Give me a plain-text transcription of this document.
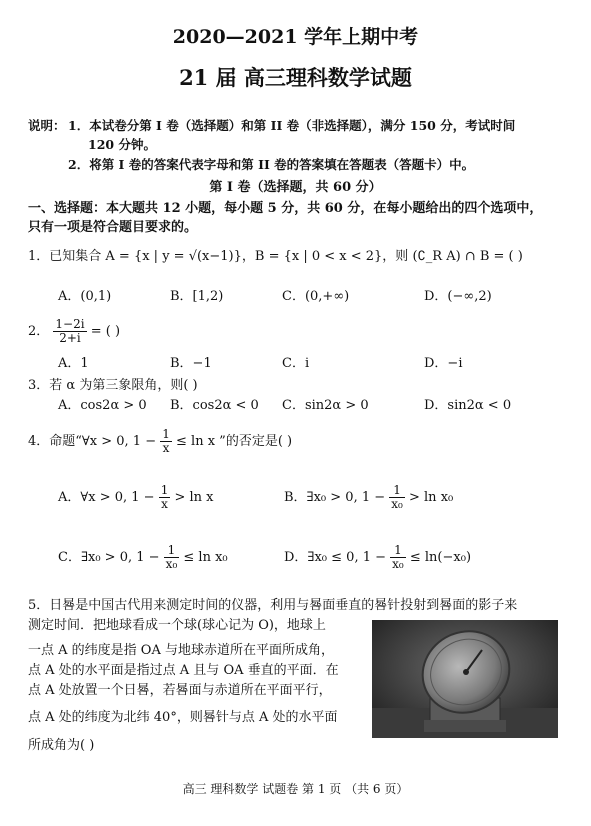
2020—2021 学年上期中考
21 届 高三理科数学试题
说明： 1．本试卷分第 I 卷（选择题）和第 II 卷（非选择题），满分 150 分，考试时间
120 分钟。
2．将第 I 卷的答案代表字母和第 II 卷的答案填在答题表（答题卡）中。
第 I 卷（选择题，共 60 分）
一、选择题：本大题共 12 小题，每小题 5 分，共 60 分，在每小题给出的四个选项中，
只有一项是符合题目要求的。
1．已知集合 A = {x | y = √(x−1)}，B = {x | 0 < x < 2}，则 (∁_R A) ∩ B = ( )
A．(0,1)	B．[1,2)	C．(0,+∞)	D．(−∞,2)
2． $\frac{1-2i}{2+i}$ = ( )
A．1	B．−1	C．i	D．−i
3．若 α 为第三象限角，则( )
A．cos2α > 0 B．cos2α < 0 C．sin2α > 0	D．sin2α < 0
4．命题“∀x > 0, $1 - \frac{1}{x} \le \ln x$ ”的否定是( )
A．∀x > 0, $1 - \frac{1}{x} > \ln x$	B．∃x₀ > 0, $1 - \frac{1}{\text{x₀}} > \ln x_0$
C．∃x₀ > 0, $1 - \frac{1}{\text{x₀}} \le \ln x_0$	D．∃x₀ ≤ 0, $1 - \frac{1}{\text{x₀}} \le \ln(-x_0)$
5．日晷是中国古代用来测定时间的仪器，利用与晷面垂直的晷针投射到晷面的影子来
测定时间．把地球看成一个球(球心记为 O)，地球上
一点 A 的纬度是指 OA 与地球赤道所在平面所成角，
点 A 处的水平面是指过点 A 且与 OA 垂直的平面．在
点 A 处放置一个日晷，若晷面与赤道所在平面平行，
点 A 处的纬度为北纬 40°，则晷针与点 A 处的水平面
所成角为( )
高三 理科数学 试题卷 第 1 页 （共 6 页）
